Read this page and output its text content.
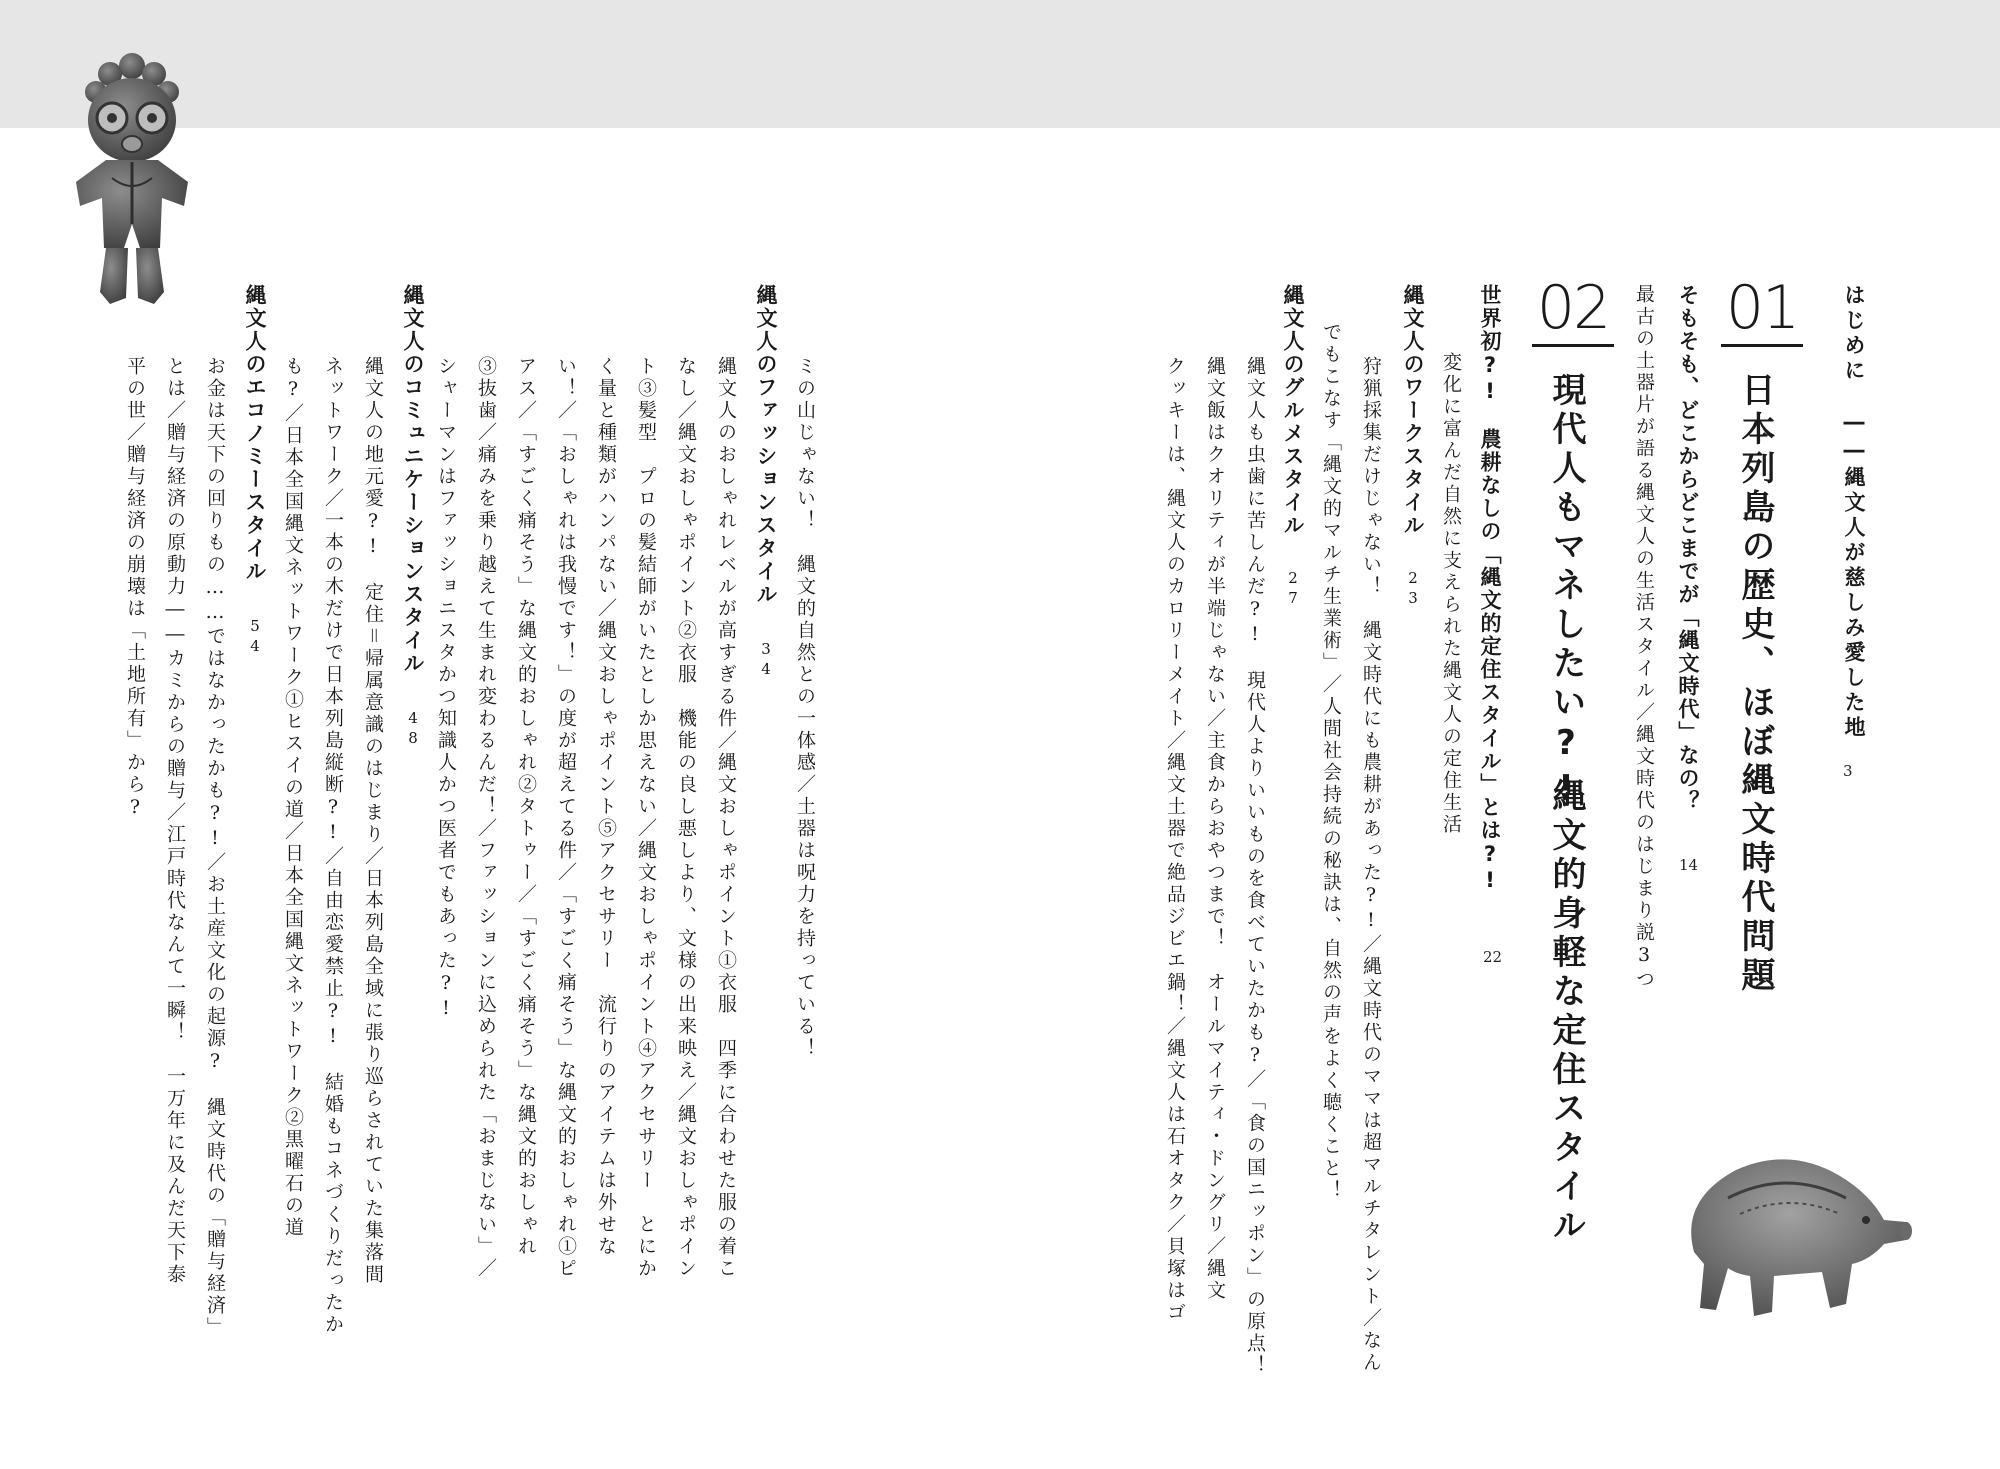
はじめに――縄文人が慈しみ愛した地
3
01
日本列島の歴史、ほぼ縄文時代問題
そもそも、どこからどこまでが「縄文時代」なの？
14
最古の土器片が語る縄文人の生活スタイル／縄文時代のはじまり説3つ
02
現代人もマネしたい?!
縄文的身軽な定住スタイル
世界初?!　農耕なしの「縄文的定住スタイル」とは?!
22
変化に富んだ自然に支えられた縄文人の定住生活
縄文人のワークスタイル23
狩猟採集だけじゃない！　縄文時代にも農耕があった?!／縄文時代のママは超マルチタレント／なん
でもこなす「縄文的マルチ生業術」／人間社会持続の秘訣は、自然の声をよく聴くこと！
縄文人のグルメスタイル27
縄文人も虫歯に苦しんだ?!　現代人よりいいものを食べていたかも?／「食の国ニッポン」の原点！
縄文飯はクオリティが半端じゃない／主食からおやつまで！　オールマイティ・ドングリ／縄文
クッキーは、縄文人のカロリーメイト／縄文土器で絶品ジビエ鍋！／縄文人は石オタク／貝塚はゴ
ミの山じゃない！　縄文的自然との一体感／土器は呪力を持っている！
縄文人のファッションスタイル34
縄文人のおしゃれレベルが高すぎる件／縄文おしゃポイント①衣服　四季に合わせた服の着こ
なし／縄文おしゃポイント②衣服　機能の良し悪しより、文様の出来映え／縄文おしゃポイン
ト③髪型　プロの髪結師がいたとしか思えない／縄文おしゃポイント④アクセサリー　とにか
く量と種類がハンパない／縄文おしゃポイント⑤アクセサリー　流行りのアイテムは外せな
い！／「おしゃれは我慢です！」の度が超えてる件／「すごく痛そう」な縄文的おしゃれ①ピ
アス／「すごく痛そう」な縄文的おしゃれ②タトゥー／「すごく痛そう」な縄文的おしゃれ
③抜歯／痛みを乗り越えて生まれ変わるんだ！／ファッションに込められた「おまじない」／
シャーマンはファッショニスタかつ知識人かつ医者でもあった?!
縄文人のコミュニケーションスタイル48
縄文人の地元愛?!　定住＝帰属意識のはじまり／日本列島全域に張り巡らされていた集落間
ネットワーク／一本の木だけで日本列島縦断?!／自由恋愛禁止?!　結婚もコネづくりだったか
も?／日本全国縄文ネットワーク①ヒスイの道／日本全国縄文ネットワーク②黒曜石の道
縄文人のエコノミースタイル54
お金は天下の回りもの……ではなかったかも?!／お土産文化の起源?　縄文時代の「贈与経済」
とは／贈与経済の原動力――カミからの贈与／江戸時代なんて一瞬！　一万年に及んだ天下泰
平の世／贈与経済の崩壊は「土地所有」から?
